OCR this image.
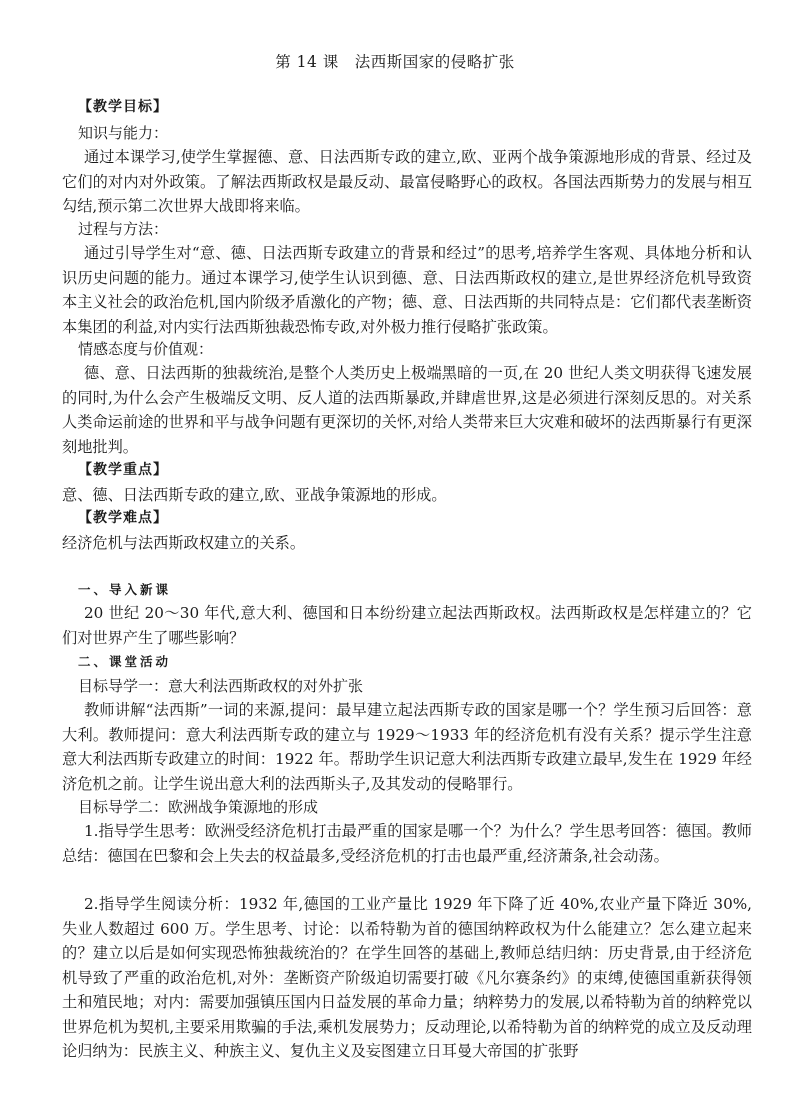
第 14 课　法西斯国家的侵略扩张
【教学目标】
知识与能力：
通过本课学习,使学生掌握德、意、日法西斯专政的建立,欧、亚两个战争策源地形成的背景、经过及它们的对内对外政策。了解法西斯政权是最反动、最富侵略野心的政权。各国法西斯势力的发展与相互勾结,预示第二次世界大战即将来临。
过程与方法：
通过引导学生对“意、德、日法西斯专政建立的背景和经过”的思考,培养学生客观、具体地分析和认识历史问题的能力。通过本课学习,使学生认识到德、意、日法西斯政权的建立,是世界经济危机导致资本主义社会的政治危机,国内阶级矛盾激化的产物；德、意、日法西斯的共同特点是：它们都代表垄断资本集团的利益,对内实行法西斯独裁恐怖专政,对外极力推行侵略扩张政策。
情感态度与价值观：
德、意、日法西斯的独裁统治,是整个人类历史上极端黑暗的一页,在 20 世纪人类文明获得飞速发展的同时,为什么会产生极端反文明、反人道的法西斯暴政,并肆虐世界,这是必须进行深刻反思的。对关系人类命运前途的世界和平与战争问题有更深切的关怀,对给人类带来巨大灾难和破坏的法西斯暴行有更深刻地批判。
【教学重点】
意、德、日法西斯专政的建立,欧、亚战争策源地的形成。
【教学难点】
经济危机与法西斯政权建立的关系。
一、导入新课
20 世纪 20～30 年代,意大利、德国和日本纷纷建立起法西斯政权。法西斯政权是怎样建立的？它们对世界产生了哪些影响？
二、课堂活动
目标导学一：意大利法西斯政权的对外扩张
教师讲解“法西斯”一词的来源,提问：最早建立起法西斯专政的国家是哪一个？学生预习后回答：意大利。教师提问：意大利法西斯专政的建立与 1929～1933 年的经济危机有没有关系？提示学生注意意大利法西斯专政建立的时间：1922 年。帮助学生识记意大利法西斯专政建立最早,发生在 1929 年经济危机之前。让学生说出意大利的法西斯头子,及其发动的侵略罪行。
目标导学二：欧洲战争策源地的形成
1.指导学生思考：欧洲受经济危机打击最严重的国家是哪一个？为什么？学生思考回答：德国。教师总结：德国在巴黎和会上失去的权益最多,受经济危机的打击也最严重,经济萧条,社会动荡。
2.指导学生阅读分析：1932 年,德国的工业产量比 1929 年下降了近 40%,农业产量下降近 30%,失业人数超过 600 万。学生思考、讨论：以希特勒为首的德国纳粹政权为什么能建立？怎么建立起来的？建立以后是如何实现恐怖独裁统治的？在学生回答的基础上,教师总结归纳：历史背景,由于经济危机导致了严重的政治危机,对外：垄断资产阶级迫切需要打破《凡尔赛条约》的束缚,使德国重新获得领土和殖民地；对内：需要加强镇压国内日益发展的革命力量；纳粹势力的发展,以希特勒为首的纳粹党以世界危机为契机,主要采用欺骗的手法,乘机发展势力；反动理论,以希特勒为首的纳粹党的成立及反动理论归纳为：民族主义、种族主义、复仇主义及妄图建立日耳曼大帝国的扩张野
